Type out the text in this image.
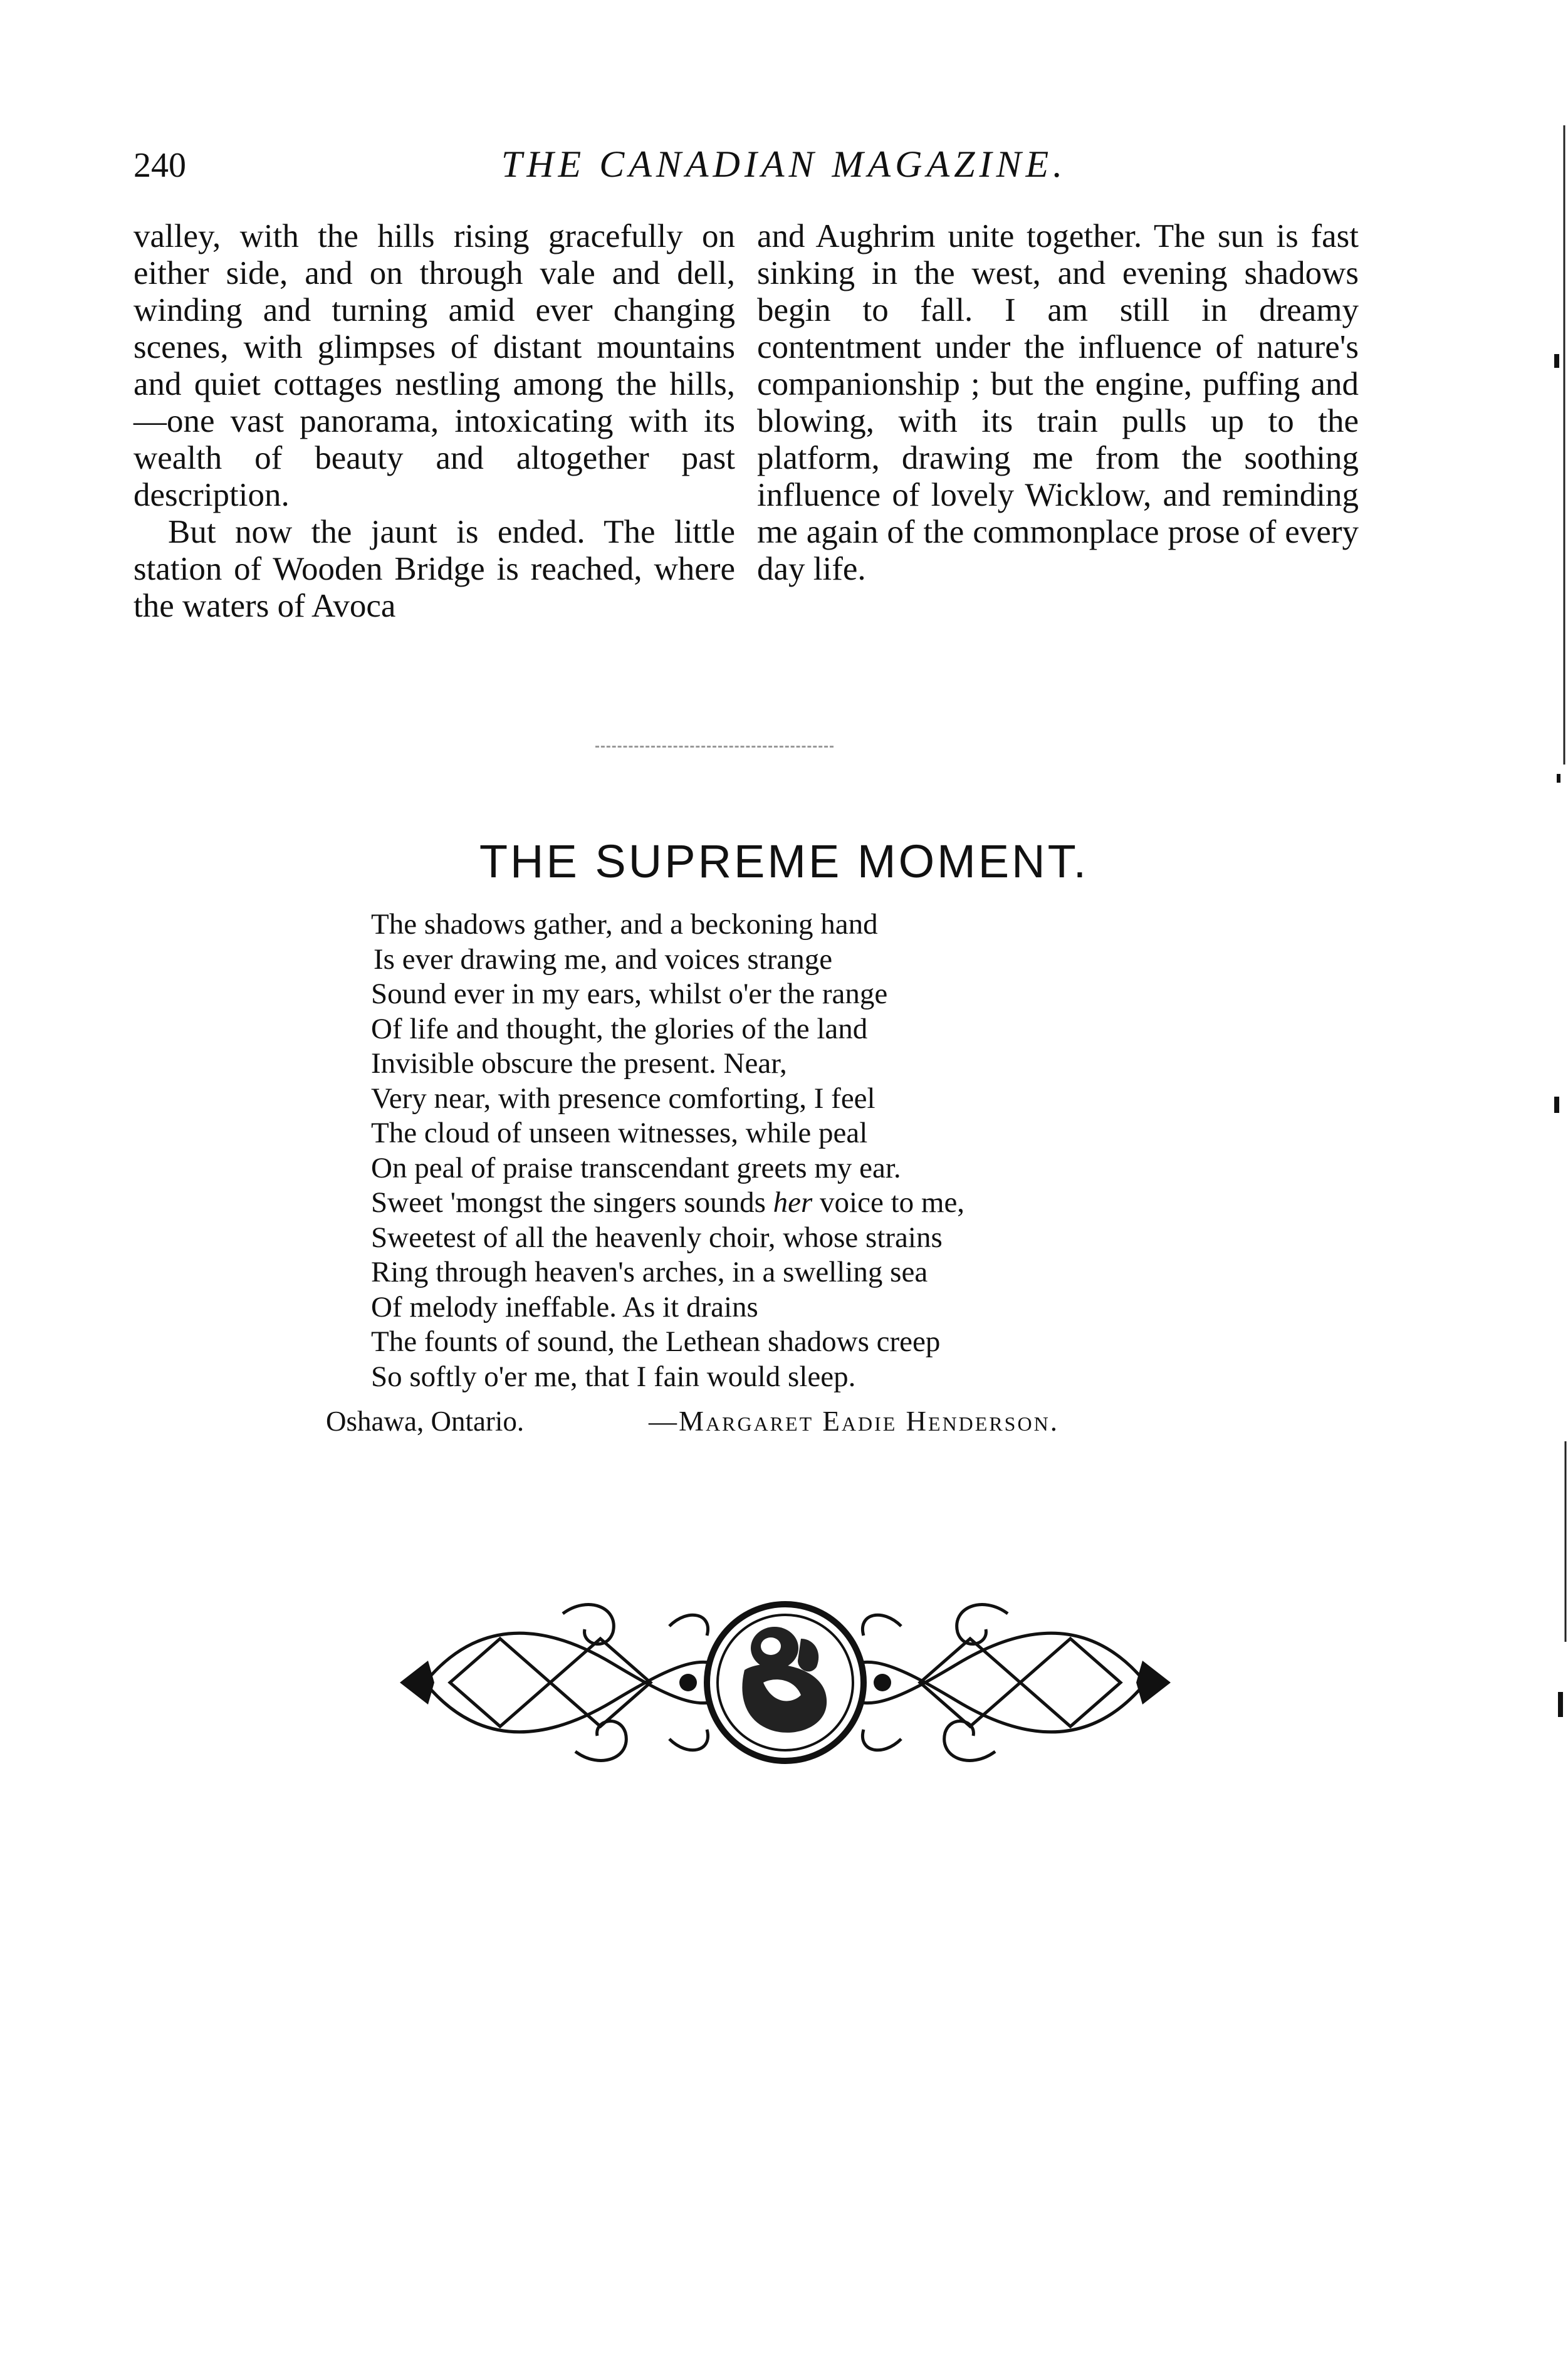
240	THE CANADIAN MAGAZINE.

valley, with the hills rising gracefully on either side, and on through vale and dell, winding and turning amid ever changing scenes, with glimpses of distant mountains and quiet cottages nestling among the hills,—one vast panorama, intoxicating with its wealth of beauty and altogether past description.

But now the jaunt is ended. The little station of Wooden Bridge is reached, where the waters of Avoca

and Aughrim unite together. The sun is fast sinking in the west, and evening shadows begin to fall. I am still in dreamy contentment under the influence of nature's companionship ; but the engine, puffing and blowing, with its train pulls up to the platform, drawing me from the soothing influence of lovely Wicklow, and reminding me again of the commonplace prose of every day life.

THE SUPREME MOMENT.
The shadows gather, and a beckoning hand
Is ever drawing me, and voices strange
Sound ever in my ears, whilst o'er the range
Of life and thought, the glories of the land
Invisible obscure the present. Near,
Very near, with presence comforting, I feel
The cloud of unseen witnesses, while peal
On peal of praise transcendant greets my ear.
Sweet 'mongst the singers sounds her voice to me,
Sweetest of all the heavenly choir, whose strains
Ring through heaven's arches, in a swelling sea
Of melody ineffable. As it drains
The founts of sound, the Lethean shadows creep
So softly o'er me, that I fain would sleep.
Oshawa, Ontario.	—Margaret Eadie Henderson.
